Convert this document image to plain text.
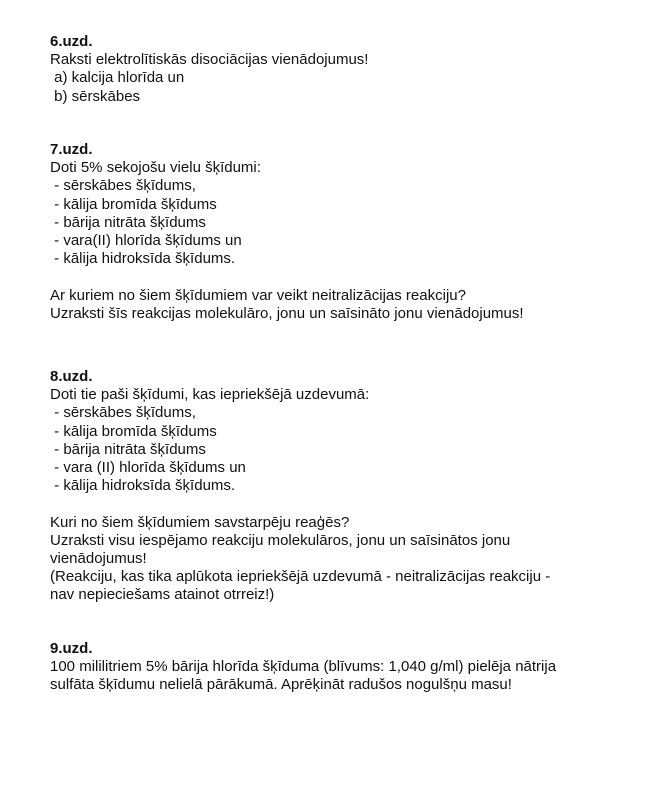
6.uzd.
Raksti elektrolītiskās disociācijas vienādojumus!
a) kalcija hlorīda un
b) sērskābes
7.uzd.
Doti 5% sekojošu vielu šķīdumi:
- sērskābes šķīdums,
- kālija bromīda šķīdums
- bārija nitrāta šķīdums
- vara(II) hlorīda šķīdums un
- kālija hidroksīda šķīdums.
Ar kuriem no šiem šķīdumiem var veikt neitralizācijas reakciju?
Uzraksti šīs reakcijas molekulāro, jonu un saīsināto jonu vienādojumus!
8.uzd.
Doti tie paši šķīdumi, kas iepriekšējā uzdevumā:
- sērskābes šķīdums,
- kālija bromīda šķīdums
- bārija nitrāta šķīdums
- vara (II) hlorīda šķīdums un
- kālija hidroksīda šķīdums.
Kuri no šiem šķīdumiem savstarpēju reaģēs?
Uzraksti visu iespējamo reakciju molekulāros, jonu un saīsinātos jonu
vienādojumus!
(Reakciju, kas tika aplūkota iepriekšējā uzdevumā - neitralizācijas reakciju -
nav nepieciešams atainot otrreiz!)
9.uzd.
100 mililitriem 5% bārija hlorīda šķīduma (blīvums: 1,040 g/ml) pielēja nātrija
sulfāta šķīdumu nelielā pārākumā. Aprēķināt radušos nogulšņu masu!
